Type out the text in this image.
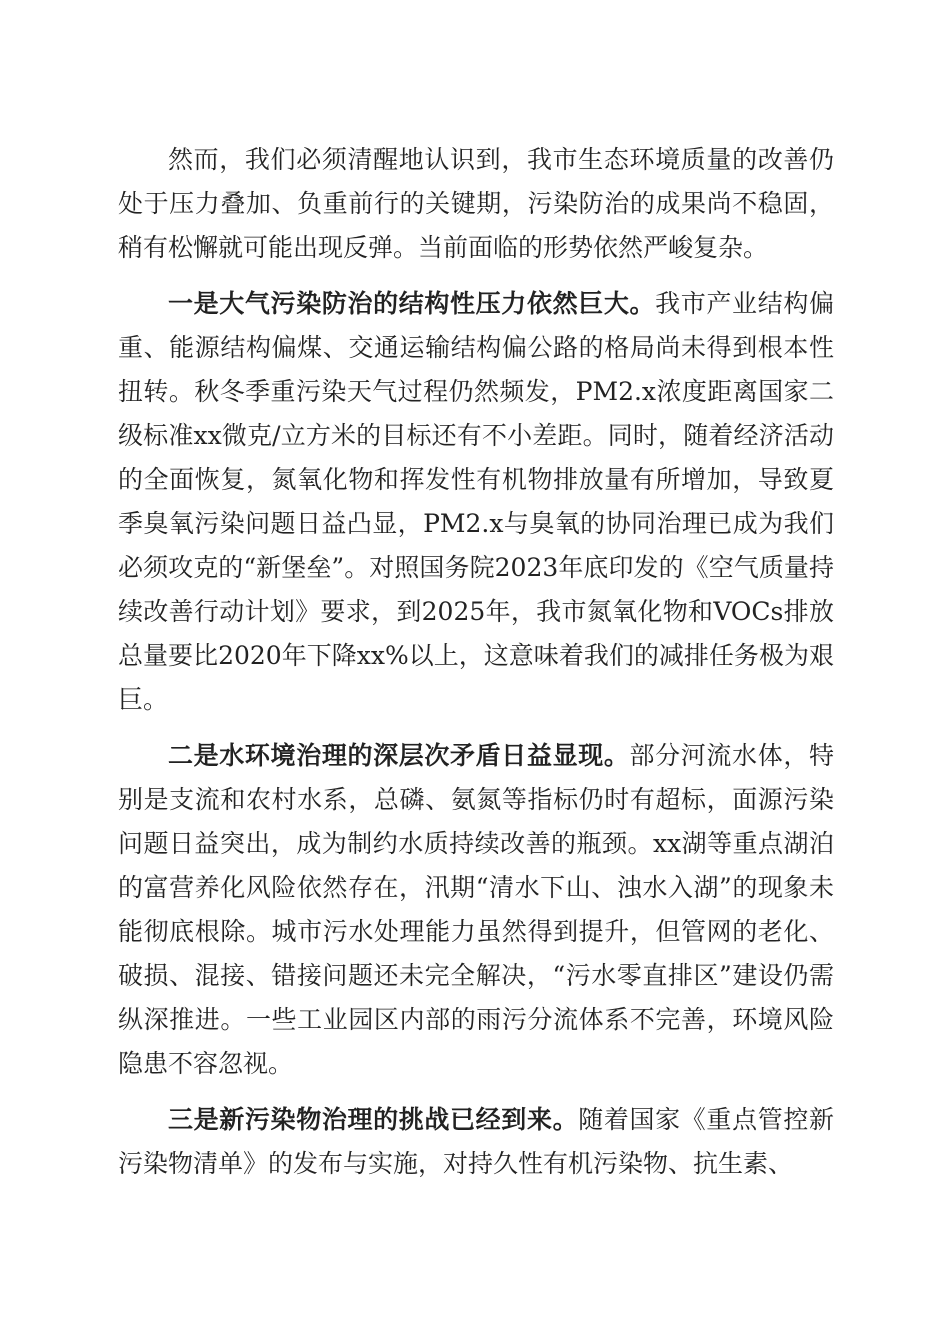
然而，我们必须清醒地认识到，我市生态环境质量的改善仍处于压力叠加、负重前行的关键期，污染防治的成果尚不稳固，稍有松懈就可能出现反弹。当前面临的形势依然严峻复杂。

一是大气污染防治的结构性压力依然巨大。我市产业结构偏重、能源结构偏煤、交通运输结构偏公路的格局尚未得到根本性扭转。秋冬季重污染天气过程仍然频发，PM2.x浓度距离国家二级标准xx微克/立方米的目标还有不小差距。同时，随着经济活动的全面恢复，氮氧化物和挥发性有机物排放量有所增加，导致夏季臭氧污染问题日益凸显，PM2.x与臭氧的协同治理已成为我们必须攻克的“新堡垒”。对照国务院2023年底印发的《空气质量持续改善行动计划》要求，到2025年，我市氮氧化物和VOCs排放总量要比2020年下降xx%以上，这意味着我们的减排任务极为艰巨。

二是水环境治理的深层次矛盾日益显现。部分河流水体，特别是支流和农村水系，总磷、氨氮等指标仍时有超标，面源污染问题日益突出，成为制约水质持续改善的瓶颈。xx湖等重点湖泊的富营养化风险依然存在，汛期“清水下山、浊水入湖”的现象未能彻底根除。城市污水处理能力虽然得到提升，但管网的老化、破损、混接、错接问题还未完全解决，“污水零直排区”建设仍需纵深推进。一些工业园区内部的雨污分流体系不完善，环境风险隐患不容忽视。

三是新污染物治理的挑战已经到来。随着国家《重点管控新污染物清单》的发布与实施，对持久性有机污染物、抗生素、
